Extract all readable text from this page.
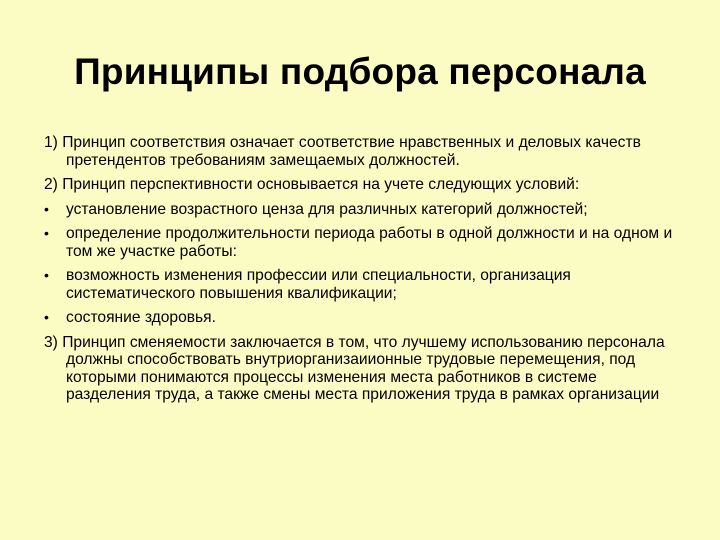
Принципы подбора персонала

1) Принцип соответствия означает соответствие нравственных и деловых качеств претендентов требованиям замещаемых должностей.

2) Принцип перспективности основывается на учете следующих условий:

•	установление возрастного ценза для различных категорий должностей;
•	определение продолжительности периода работы в одной должности и на одном и том же участке работы:
•	возможность изменения профессии или специальности, организация систематического повышения квалификации;
•	состояние здоровья.

3) Принцип сменяемости заключается в том, что лучшему использованию персонала должны способствовать внутриорганизаиионные трудовые перемещения, под которыми понимаются процессы изменения места работников в системе разделения труда, а также смены места приложения труда в рамках организации
